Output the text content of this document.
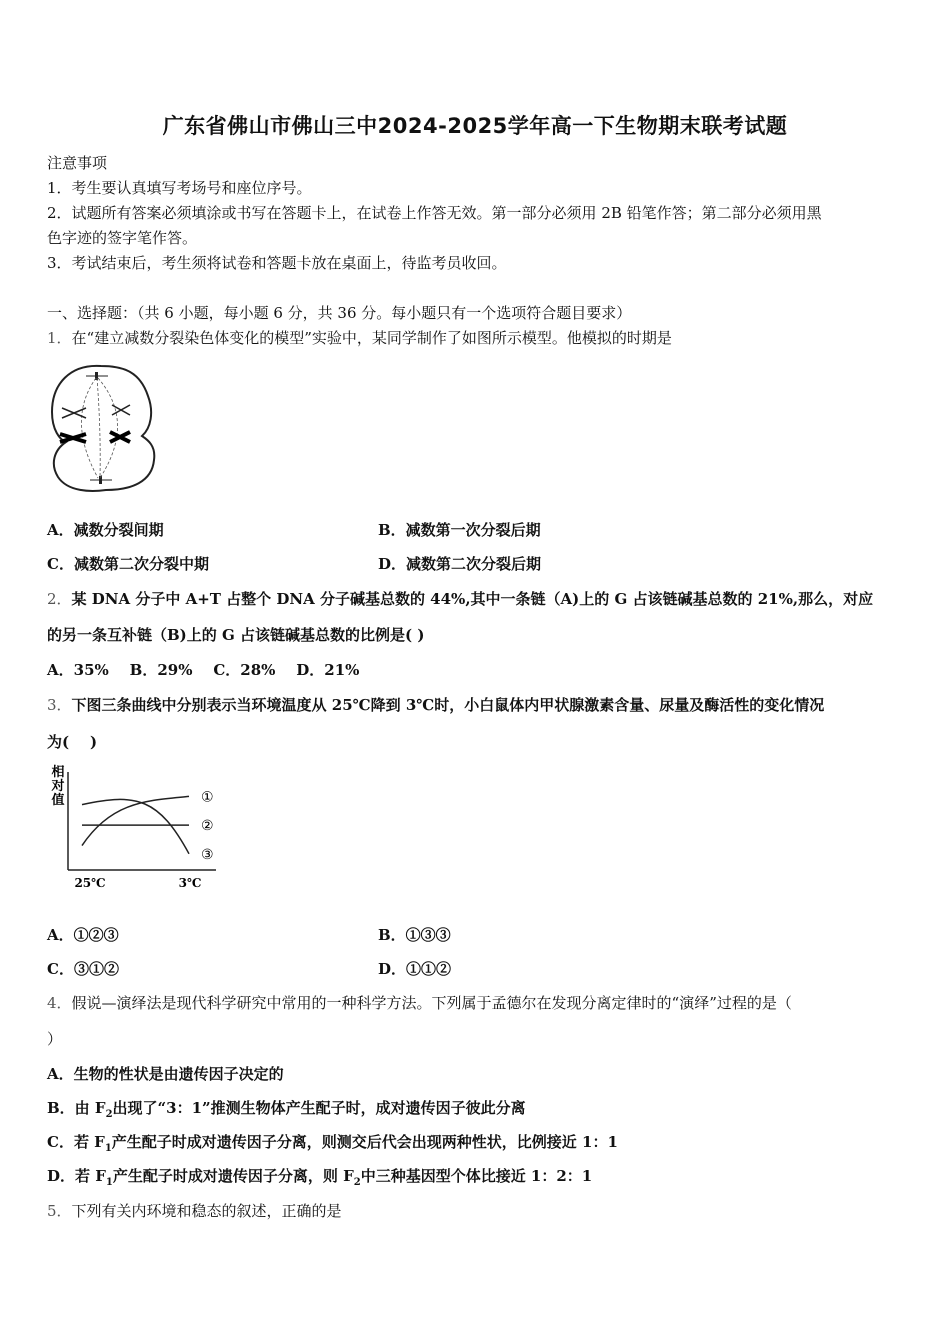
广东省佛山市佛山三中2024-2025学年高一下生物期末联考试题
注意事项
1．考生要认真填写考场号和座位序号。
2．试题所有答案必须填涂或书写在答题卡上，在试卷上作答无效。第一部分必须用 2B 铅笔作答；第二部分必须用黑
色字迹的签字笔作答。
3．考试结束后，考生须将试卷和答题卡放在桌面上，待监考员收回。
一、选择题：（共 6 小题，每小题 6 分，共 36 分。每小题只有一个选项符合题目要求）
1．在“建立减数分裂染色体变化的模型”实验中，某同学制作了如图所示模型。他模拟的时期是
A．减数分裂间期	B．减数第一次分裂后期
C．减数第二次分裂中期	D．减数第二次分裂后期
2．某 DNA 分子中 A+T 占整个 DNA 分子碱基总数的 44%,其中一条链（A)上的 G 占该链碱基总数的 21%,那么，对应
的另一条互补链（B)上的 G 占该链碱基总数的比例是( )
A．35%    B．29%    C．28%    D．21%
3．下图三条曲线中分别表示当环境温度从 25℃降到 3℃时，小白鼠体内甲状腺激素含量、尿量及酶活性的变化情况
为(    )
相
对
值	①
②
③
25℃	3℃
A．①②③	B．①③③
C．③①②	D．①①②
4．假说—演绎法是现代科学研究中常用的一种科学方法。下列属于孟德尔在发现分离定律时的“演绎”过程的是（
）
A．生物的性状是由遗传因子决定的
B．由 $F_2$出现了“3：1”推测生物体产生配子时，成对遗传因子彼此分离
C．若 $F_1$产生配子时成对遗传因子分离，则测交后代会出现两种性状，比例接近 1：1
D．若 $F_1$产生配子时成对遗传因子分离，则 $F_2$中三种基因型个体比接近 1：2：1
5．下列有关内环境和稳态的叙述，正确的是
